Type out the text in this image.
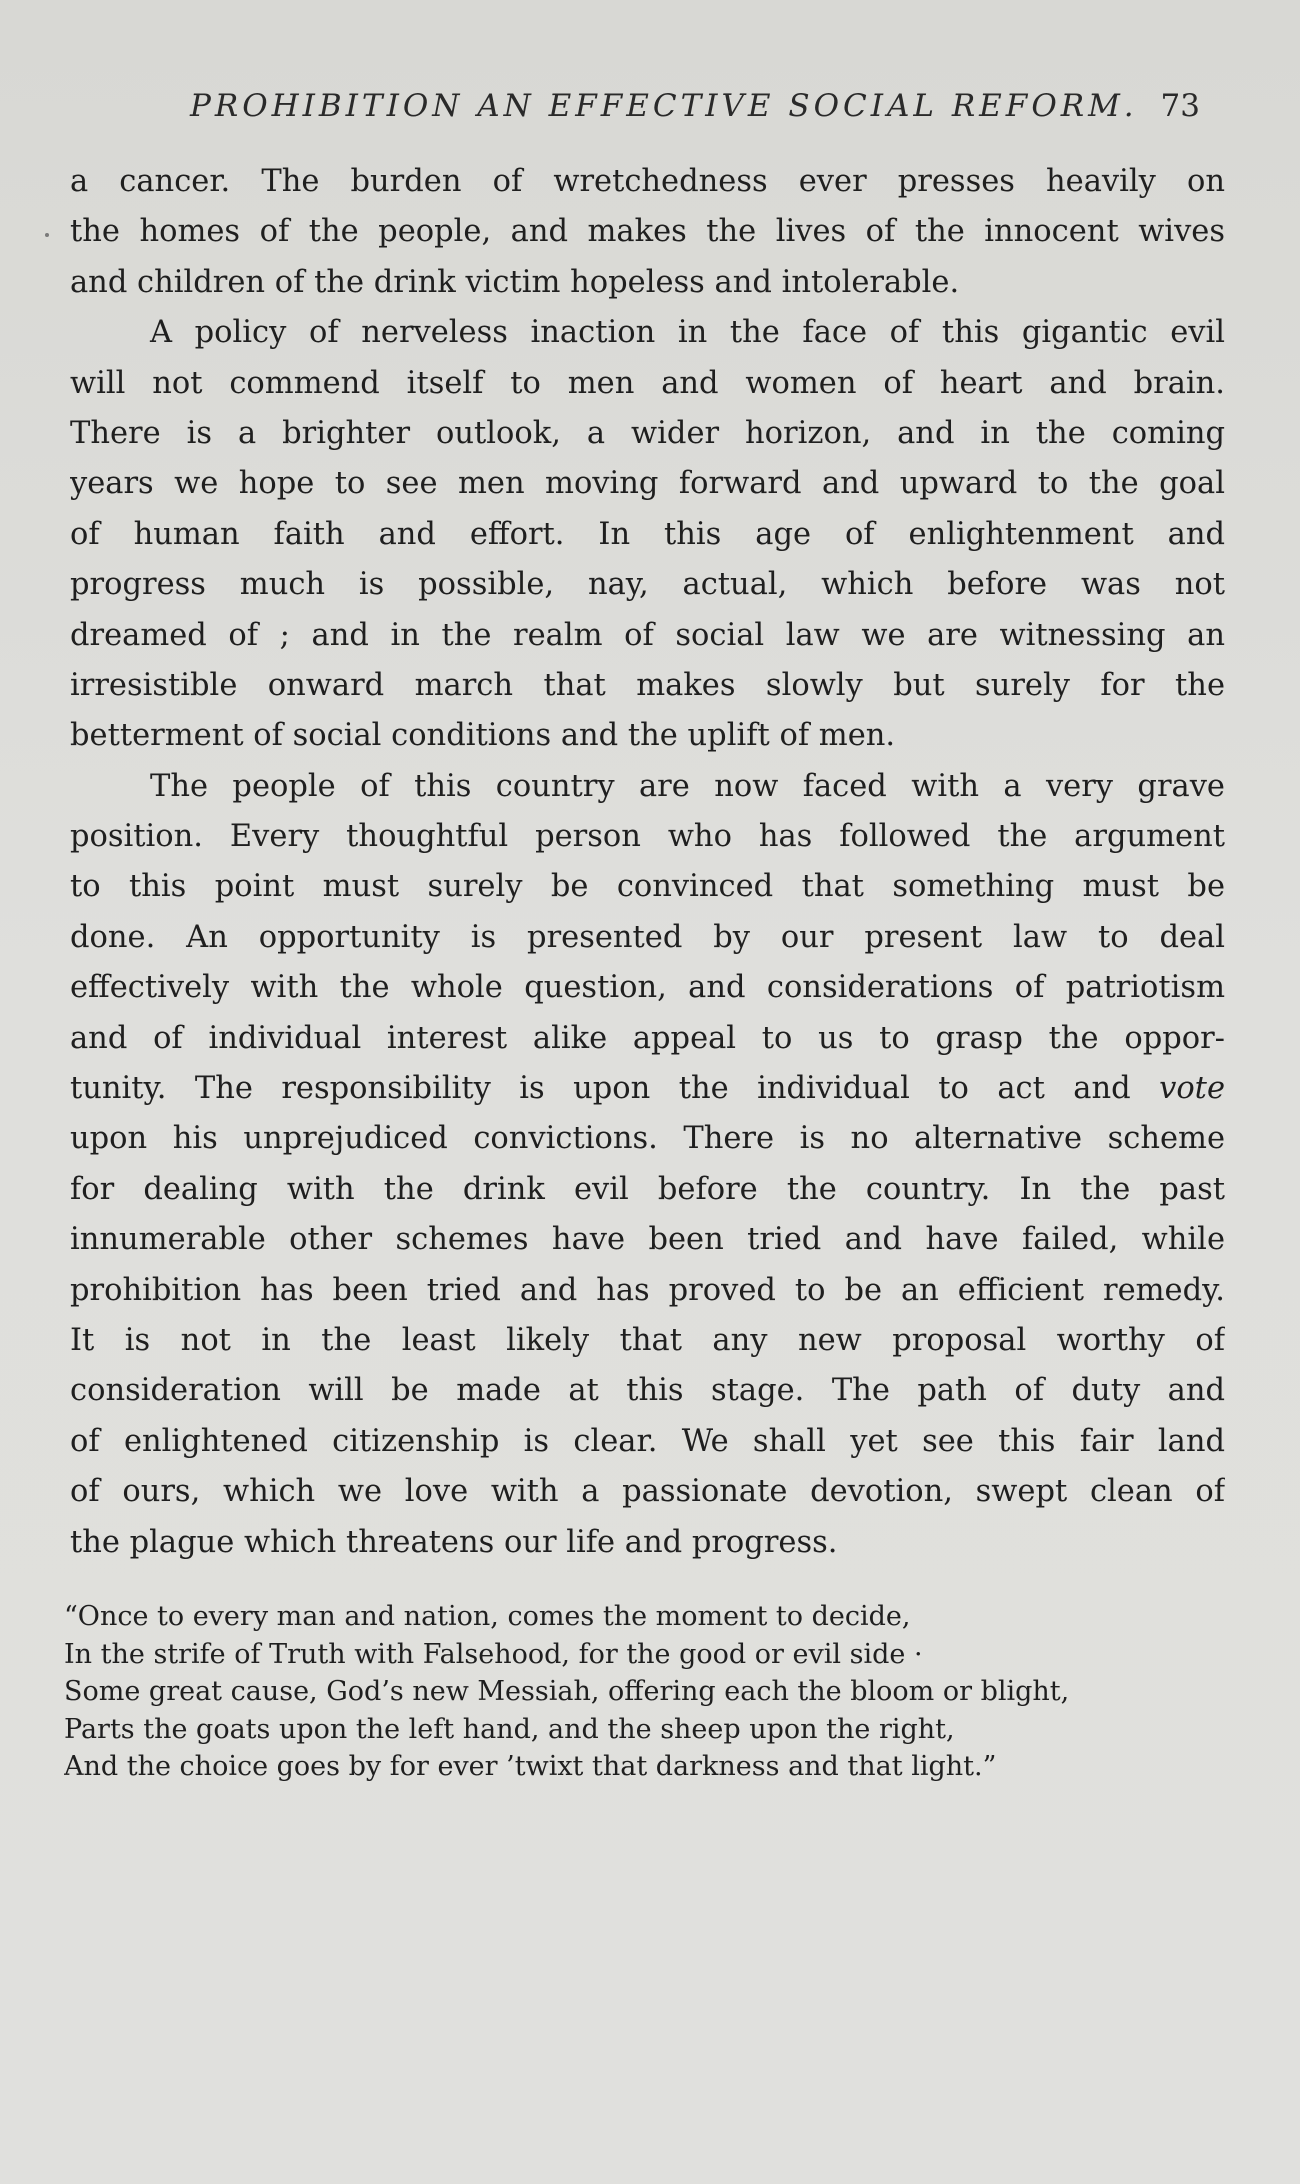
PROHIBITION AN EFFECTIVE SOCIAL REFORM. 73
a cancer. The burden of wretchedness ever presses heavily on
the homes of the people, and makes the lives of the innocent wives
and children of the drink victim hopeless and intolerable.
A policy of nerveless inaction in the face of this gigantic evil
will not commend itself to men and women of heart and brain.
There is a brighter outlook, a wider horizon, and in the coming
years we hope to see men moving forward and upward to the goal
of human faith and effort. In this age of enlightenment and
progress much is possible, nay, actual, which before was not
dreamed of ; and in the realm of social law we are witnessing an
irresistible onward march that makes slowly but surely for the
betterment of social conditions and the uplift of men.
The people of this country are now faced with a very grave
position. Every thoughtful person who has followed the argument
to this point must surely be convinced that something must be
done. An opportunity is presented by our present law to deal
effectively with the whole question, and considerations of patriotism
and of individual interest alike appeal to us to grasp the oppor-
tunity. The responsibility is upon the individual to act and vote
upon his unprejudiced convictions. There is no alternative scheme
for dealing with the drink evil before the country. In the past
innumerable other schemes have been tried and have failed, while
prohibition has been tried and has proved to be an efficient remedy.
It is not in the least likely that any new proposal worthy of
consideration will be made at this stage. The path of duty and
of enlightened citizenship is clear. We shall yet see this fair land
of ours, which we love with a passionate devotion, swept clean of
the plague which threatens our life and progress.
“Once to every man and nation, comes the moment to decide,
In the strife of Truth with Falsehood, for the good or evil side ·
Some great cause, God’s new Messiah, offering each the bloom or blight,
Parts the goats upon the left hand, and the sheep upon the right,
And the choice goes by for ever ’twixt that darkness and that light.”
